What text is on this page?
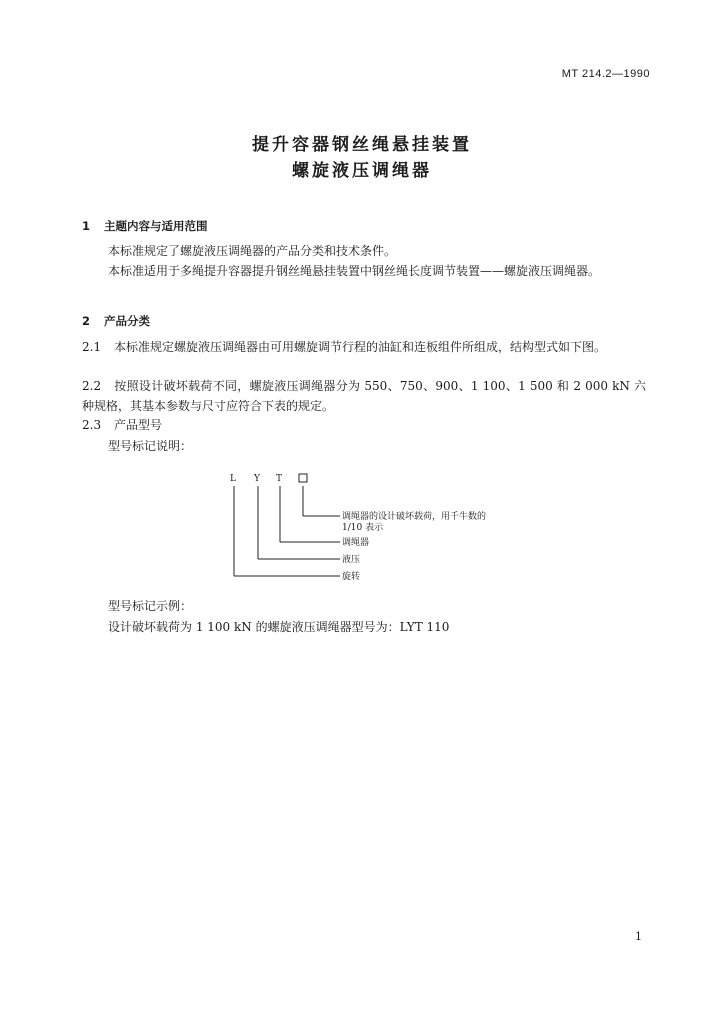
MT 214.2—1990
提升容器钢丝绳悬挂装置
螺旋液压调绳器
1 主题内容与适用范围
本标准规定了螺旋液压调绳器的产品分类和技术条件。
本标准适用于多绳提升容器提升钢丝绳悬挂装置中钢丝绳长度调节装置——螺旋液压调绳器。
2 产品分类
2.1 本标准规定螺旋液压调绳器由可用螺旋调节行程的油缸和连板组件所组成，结构型式如下图。
2.2 按照设计破坏载荷不同，螺旋液压调绳器分为 550、750、900、1 100、1 500 和 2 000 kN 六种规格，其基本参数与尺寸应符合下表的规定。
2.3 产品型号
型号标记说明：
L Y T
调绳器的设计破坏载荷，用千牛数的
1/10 表示
调绳器
液压
旋转
型号标记示例：
设计破坏载荷为 1 100 kN 的螺旋液压调绳器型号为：LYT 110
1
